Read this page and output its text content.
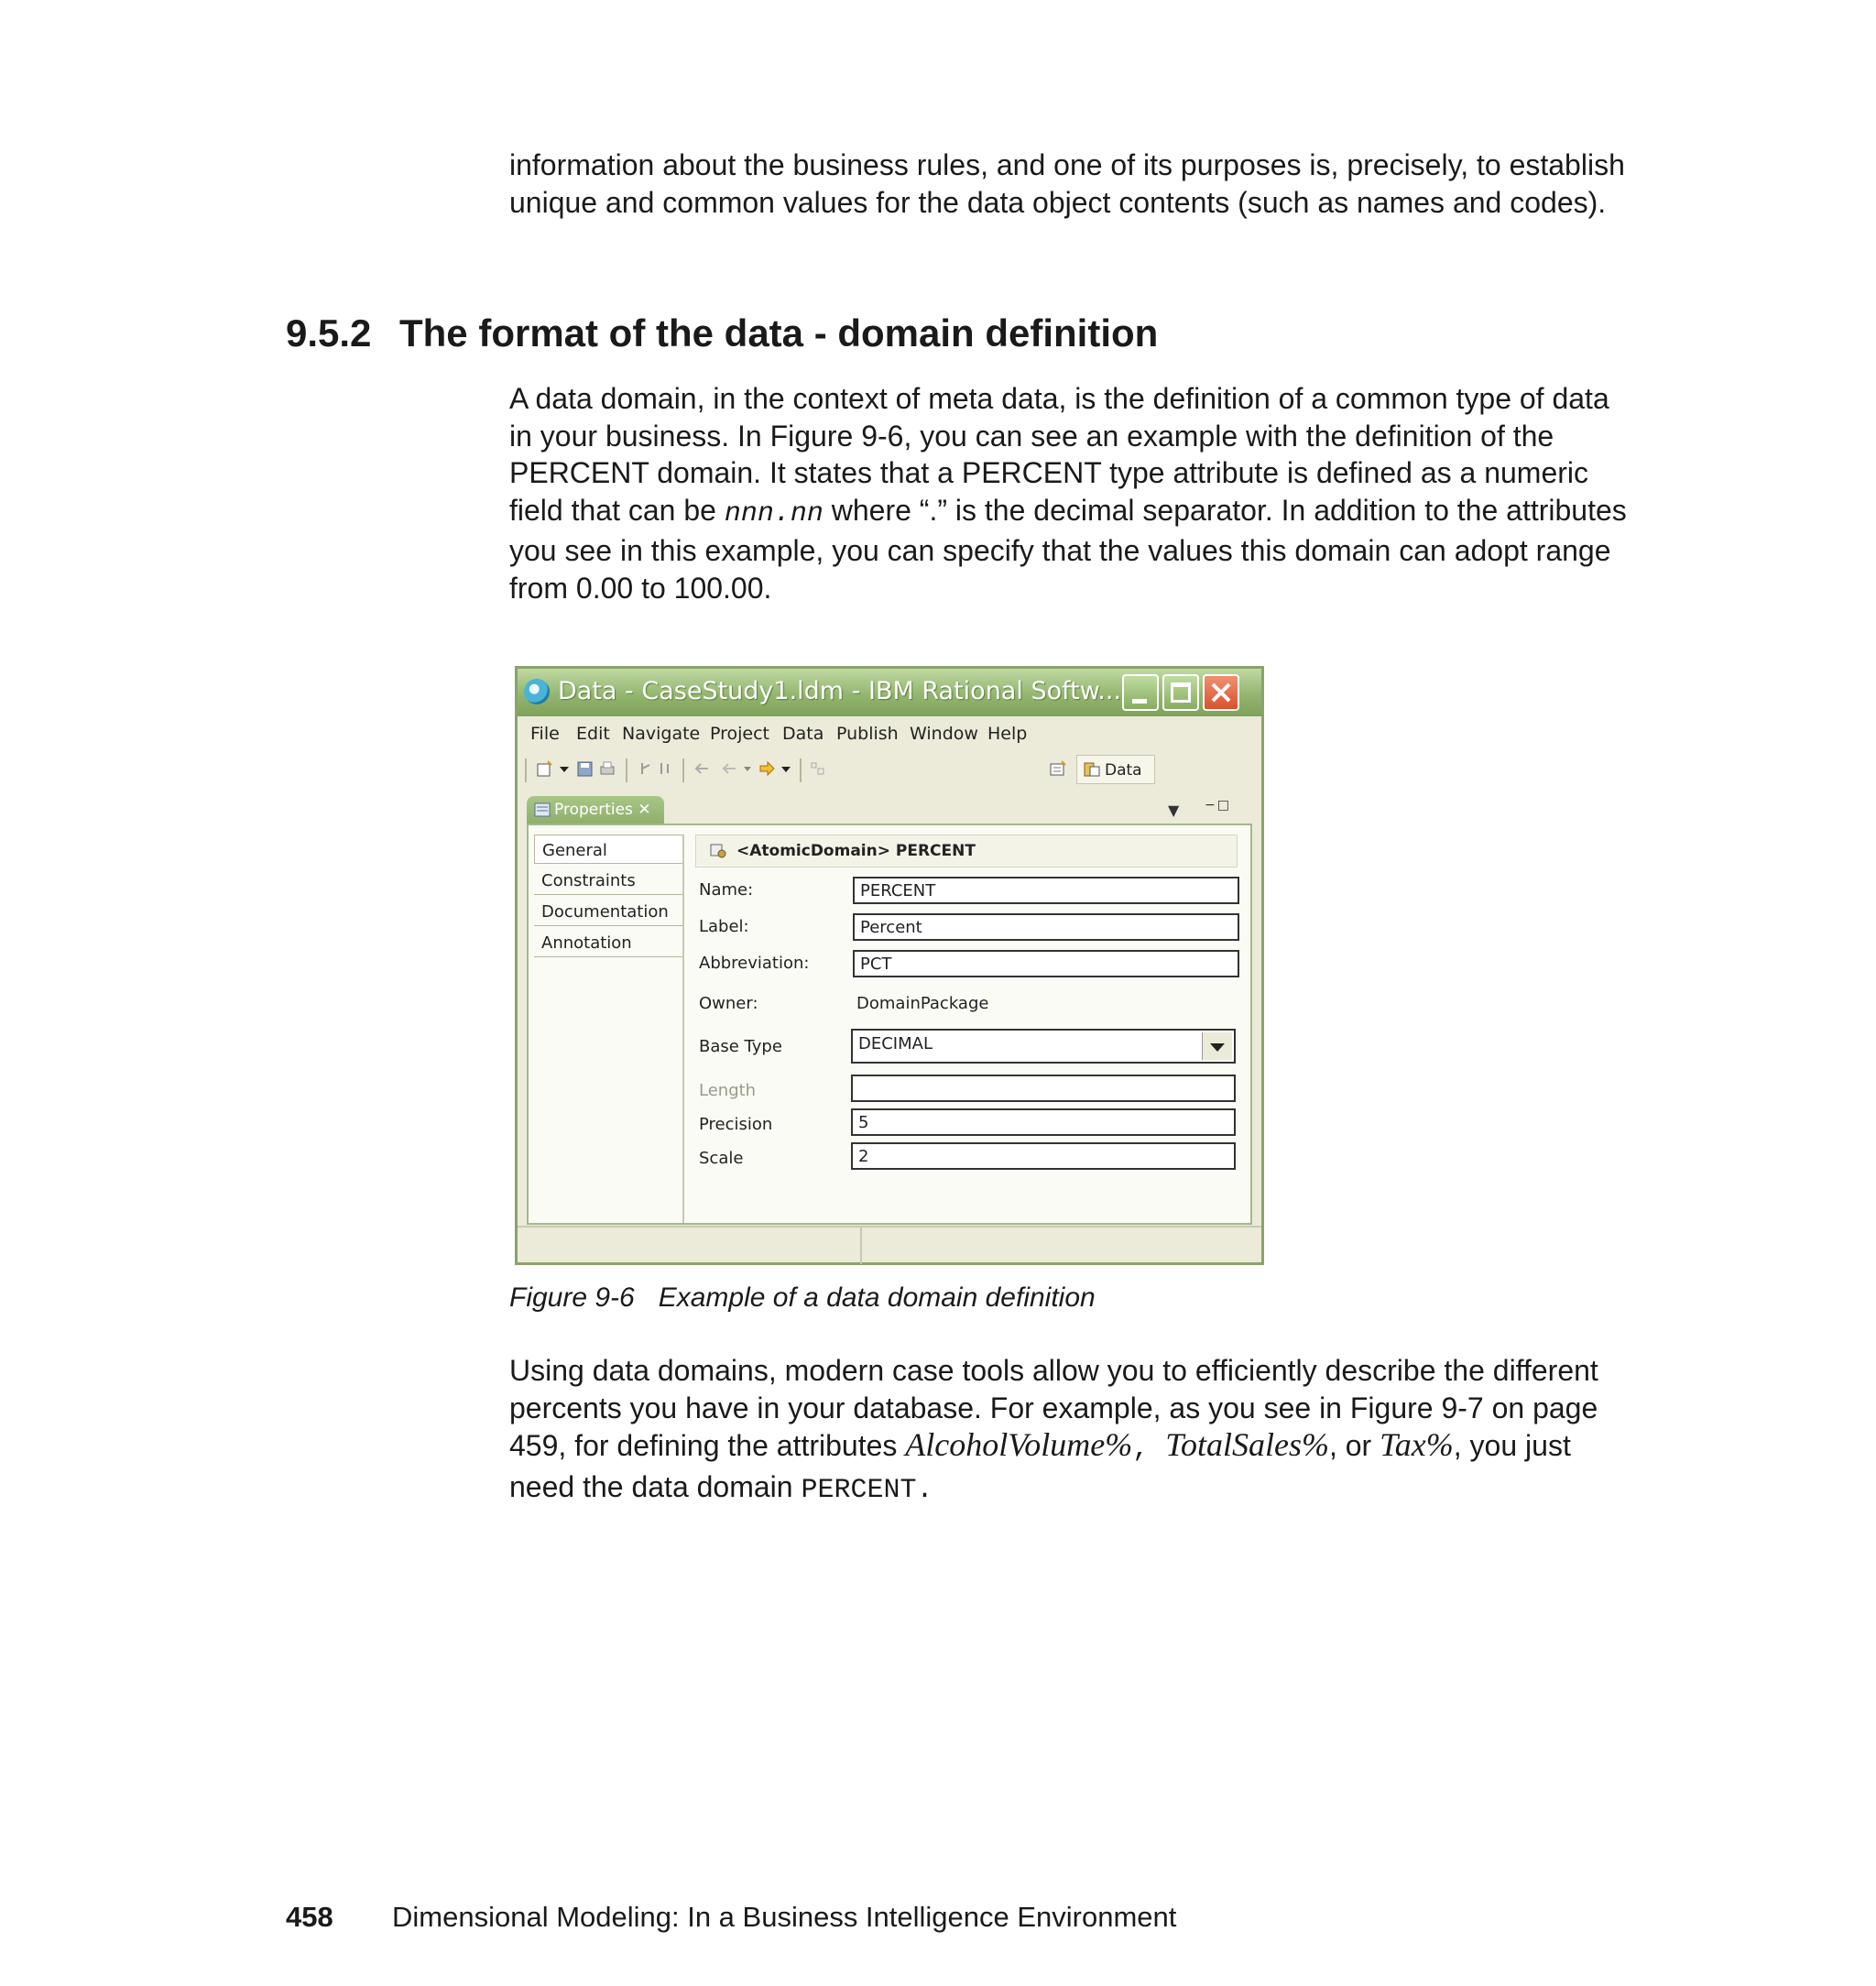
information about the business rules, and one of its purposes is, precisely, to establish unique and common values for the data object contents (such as names and codes).

9.5.2 The format of the data - domain definition

A data domain, in the context of meta data, is the definition of a common type of data in your business. In Figure 9-6, you can see an example with the definition of the PERCENT domain. It states that a PERCENT type attribute is defined as a numeric field that can be nnn.nn where “.” is the decimal separator. In addition to the attributes you see in this example, you can specify that the values this domain can adopt range from 0.00 to 100.00.

Data - CaseStudy1.ldm - IBM Rational Softw...
File Edit Navigate Project Data Publish Window Help
Data
Properties ✕	▼ −□
General
Constraints
Documentation
Annotation
<AtomicDomain> PERCENT
Name:	PERCENT
Label:	Percent
Abbreviation:	PCT
Owner:	DomainPackage
Base Type	DECIMAL
Length
Precision	5
Scale	2

Figure 9-6 Example of a data domain definition

Using data domains, modern case tools allow you to efficiently describe the different percents you have in your database. For example, as you see in Figure 9-7 on page 459, for defining the attributes AlcoholVolume%, TotalSales%, or Tax%, you just need the data domain PERCENT.

458 Dimensional Modeling: In a Business Intelligence Environment
